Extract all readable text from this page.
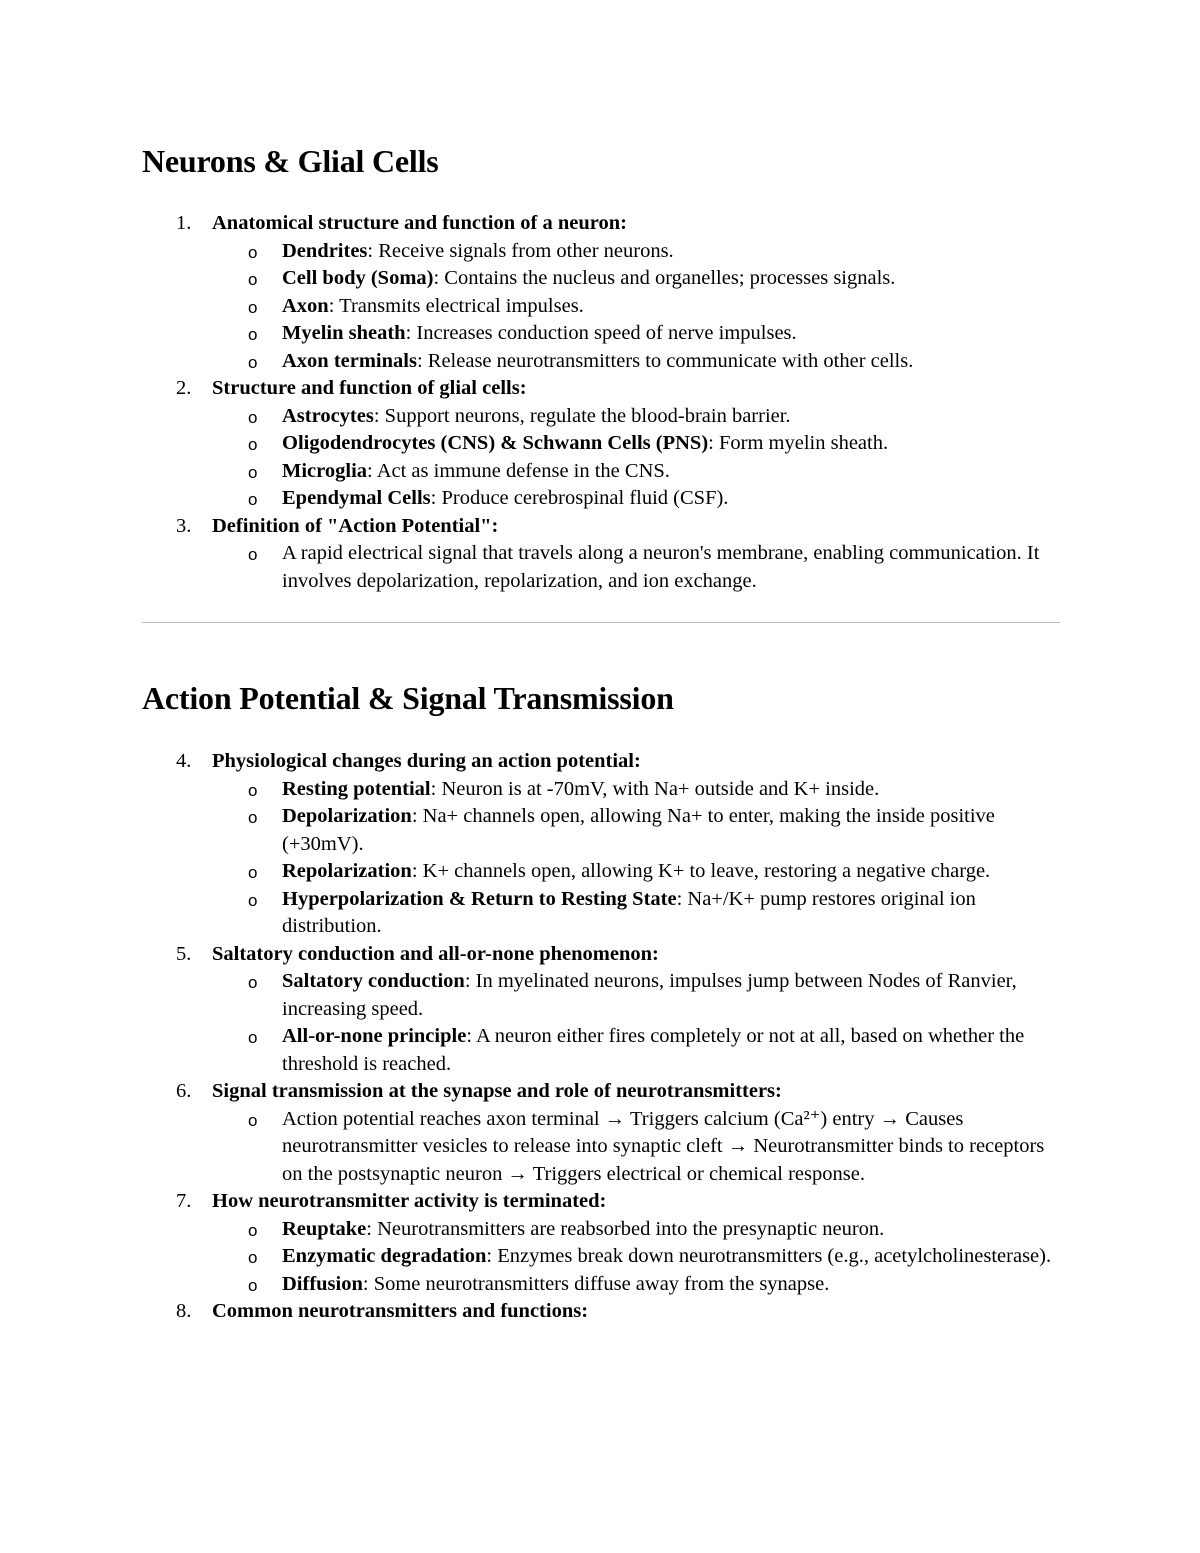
Neurons & Glial Cells
1. Anatomical structure and function of a neuron:
o Dendrites: Receive signals from other neurons.
o Cell body (Soma): Contains the nucleus and organelles; processes signals.
o Axon: Transmits electrical impulses.
o Myelin sheath: Increases conduction speed of nerve impulses.
o Axon terminals: Release neurotransmitters to communicate with other cells.
2. Structure and function of glial cells:
o Astrocytes: Support neurons, regulate the blood-brain barrier.
o Oligodendrocytes (CNS) & Schwann Cells (PNS): Form myelin sheath.
o Microglia: Act as immune defense in the CNS.
o Ependymal Cells: Produce cerebrospinal fluid (CSF).
3. Definition of "Action Potential":
o A rapid electrical signal that travels along a neuron's membrane, enabling communication. It involves depolarization, repolarization, and ion exchange.
Action Potential & Signal Transmission
4. Physiological changes during an action potential:
o Resting potential: Neuron is at -70mV, with Na+ outside and K+ inside.
o Depolarization: Na+ channels open, allowing Na+ to enter, making the inside positive (+30mV).
o Repolarization: K+ channels open, allowing K+ to leave, restoring a negative charge.
o Hyperpolarization & Return to Resting State: Na+/K+ pump restores original ion distribution.
5. Saltatory conduction and all-or-none phenomenon:
o Saltatory conduction: In myelinated neurons, impulses jump between Nodes of Ranvier, increasing speed.
o All-or-none principle: A neuron either fires completely or not at all, based on whether the threshold is reached.
6. Signal transmission at the synapse and role of neurotransmitters:
o Action potential reaches axon terminal → Triggers calcium (Ca²⁺) entry → Causes neurotransmitter vesicles to release into synaptic cleft → Neurotransmitter binds to receptors on the postsynaptic neuron → Triggers electrical or chemical response.
7. How neurotransmitter activity is terminated:
o Reuptake: Neurotransmitters are reabsorbed into the presynaptic neuron.
o Enzymatic degradation: Enzymes break down neurotransmitters (e.g., acetylcholinesterase).
o Diffusion: Some neurotransmitters diffuse away from the synapse.
8. Common neurotransmitters and functions:
